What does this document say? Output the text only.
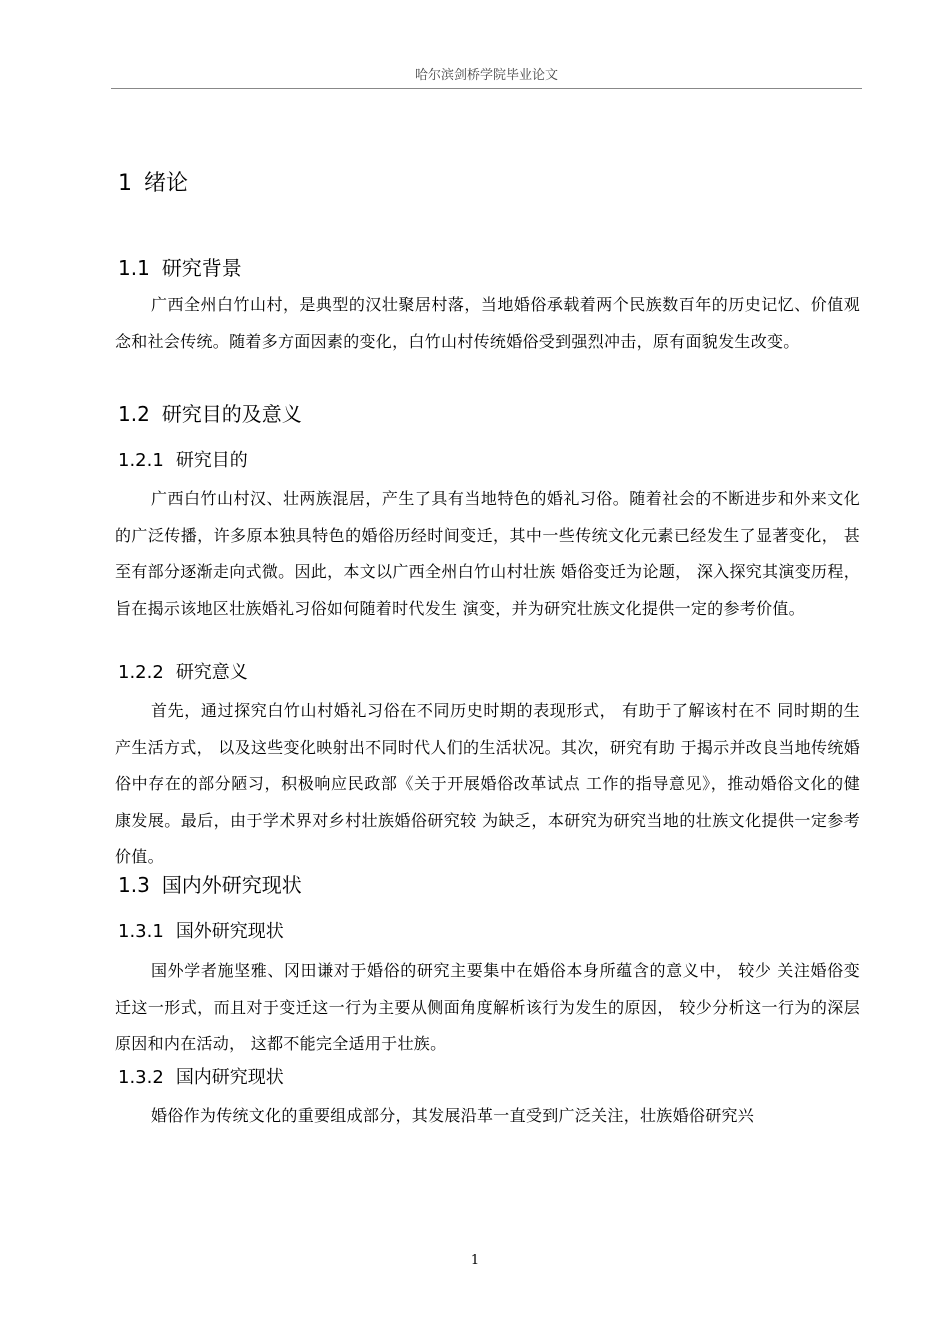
哈尔滨剑桥学院毕业论文
1 绪论
1.1 研究背景
广西全州白竹山村，是典型的汉壮聚居村落，当地婚俗承载着两个民族数百年的历史记忆、价值观念和社会传统。随着多方面因素的变化，白竹山村传统婚俗受到强烈冲击，原有面貌发生改变。
1.2 研究目的及意义
1.2.1 研究目的
广西白竹山村汉、壮两族混居，产生了具有当地特色的婚礼习俗。随着社会的不断进步和外来文化的广泛传播，许多原本独具特色的婚俗历经时间变迁，其中一些传统文化元素已经发生了显著变化， 甚至有部分逐渐走向式微。因此，本文以广西全州白竹山村壮族 婚俗变迁为论题， 深入探究其演变历程，旨在揭示该地区壮族婚礼习俗如何随着时代发生 演变，并为研究壮族文化提供一定的参考价值。
1.2.2 研究意义
首先，通过探究白竹山村婚礼习俗在不同历史时期的表现形式， 有助于了解该村在不 同时期的生产生活方式， 以及这些变化映射出不同时代人们的生活状况。其次，研究有助 于揭示并改良当地传统婚俗中存在的部分陋习，积极响应民政部《关于开展婚俗改革试点 工作的指导意见》，推动婚俗文化的健康发展。最后，由于学术界对乡村壮族婚俗研究较 为缺乏，本研究为研究当地的壮族文化提供一定参考价值。
1.3 国内外研究现状
1.3.1 国外研究现状
国外学者施坚雅、冈田谦对于婚俗的研究主要集中在婚俗本身所蕴含的意义中， 较少 关注婚俗变迁这一形式，而且对于变迁这一行为主要从侧面角度解析该行为发生的原因， 较少分析这一行为的深层原因和内在活动， 这都不能完全适用于壮族。
1.3.2 国内研究现状
婚俗作为传统文化的重要组成部分，其发展沿革一直受到广泛关注，壮族婚俗研究兴
1
